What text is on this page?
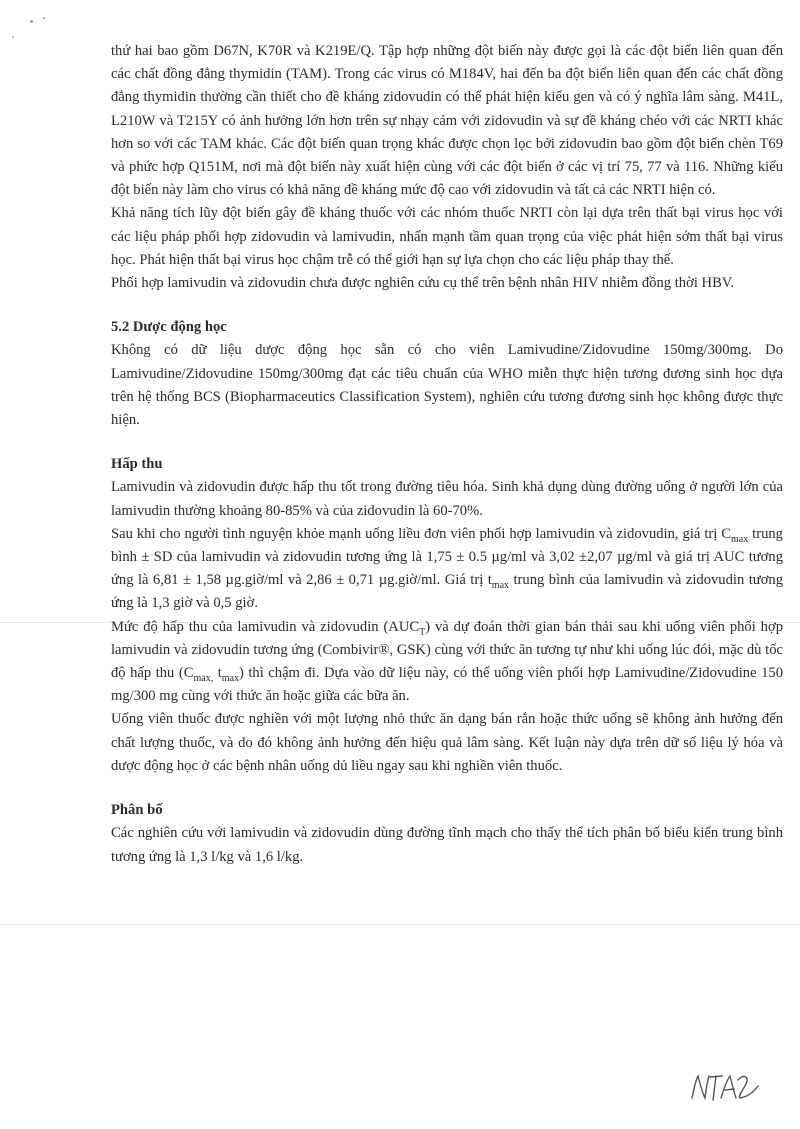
thứ hai bao gồm D67N, K70R và K219E/Q. Tập hợp những đột biến này được gọi là các đột biến liên quan đến các chất đồng đẳng thymidin (TAM). Trong các virus có M184V, hai đến ba đột biến liên quan đến các chất đồng đẳng thymidin thường cần thiết cho đề kháng zidovudin có thể phát hiện kiểu gen và có ý nghĩa lâm sàng. M41L, L210W và T215Y có ảnh hưởng lớn hơn trên sự nhạy cảm với zidovudin và sự đề kháng chéo với các NRTI khác hơn so với các TAM khác. Các đột biến quan trọng khác được chọn lọc bởi zidovudin bao gồm đột biến chèn T69 và phức hợp Q151M, nơi mà đột biến này xuất hiện cùng với các đột biến ở các vị trí 75, 77 và 116. Những kiểu đột biến này làm cho virus có khả năng đề kháng mức độ cao với zidovudin và tất cả các NRTI hiện có.

Khả năng tích lũy đột biến gây đề kháng thuốc với các nhóm thuốc NRTI còn lại dựa trên thất bại virus học với các liệu pháp phối hợp zidovudin và lamivudin, nhấn mạnh tầm quan trọng của việc phát hiện sớm thất bại virus học. Phát hiện thất bại virus học chậm trễ có thể giới hạn sự lựa chọn cho các liệu pháp thay thế.

Phối hợp lamivudin và zidovudin chưa được nghiên cứu cụ thể trên bệnh nhân HIV nhiễm đồng thời HBV.

5.2 Dược động học

Không có dữ liệu dược động học sẵn có cho viên Lamivudine/Zidovudine 150mg/300mg. Do Lamivudine/Zidovudine 150mg/300mg đạt các tiêu chuẩn của WHO miễn thực hiện tương đương sinh học dựa trên hệ thống BCS (Biopharmaceutics Classification System), nghiên cứu tương đương sinh học không được thực hiện.

Hấp thu

Lamivudin và zidovudin được hấp thu tốt trong đường tiêu hóa. Sinh khả dụng dùng đường uống ở người lớn của lamivudin thường khoảng 80-85% và của zidovudin là 60-70%.

Sau khi cho người tình nguyện khỏe mạnh uống liều đơn viên phối hợp lamivudin và zidovudin, giá trị $C_{max}$ trung bình ± SD của lamivudin và zidovudin tương ứng là 1,75 ± 0.5 µg/ml và 3,02 ±2,07 µg/ml và giá trị AUC tương ứng là 6,81 ± 1,58 µg.giờ/ml và 2,86 ± 0,71 µg.giờ/ml. Giá trị $t_{max}$ trung bình của lamivudin và zidovudin tương ứng là 1,3 giờ và 0,5 giờ.

Mức độ hấp thu của lamivudin và zidovudin $(AUC_T)$ và dự đoán thời gian bán thải sau khi uống viên phối hợp lamivudin và zidovudin tương ứng (Combivir®, GSK) cùng với thức ăn tương tự như khi uống lúc đói, mặc dù tốc độ hấp thu ($C_{max,}$ $t_{max}$) thì chậm đi. Dựa vào dữ liệu này, có thể uống viên phối hợp Lamivudine/Zidovudine 150 mg/300 mg cùng với thức ăn hoặc giữa các bữa ăn.

Uống viên thuốc được nghiền với một lượng nhỏ thức ăn dạng bán rắn hoặc thức uống sẽ không ảnh hưởng đến chất lượng thuốc, và do đó không ảnh hưởng đến hiệu quả lâm sàng. Kết luận này dựa trên dữ số liệu lý hóa và dược động học ở các bệnh nhân uống dủ liều ngay sau khi nghiền viên thuốc.

Phân bố

Các nghiên cứu với lamivudin và zidovudin dùng đường tĩnh mạch cho thấy thể tích phân bố biểu kiến trung bình tương ứng là 1,3 l/kg và 1,6 l/kg.
